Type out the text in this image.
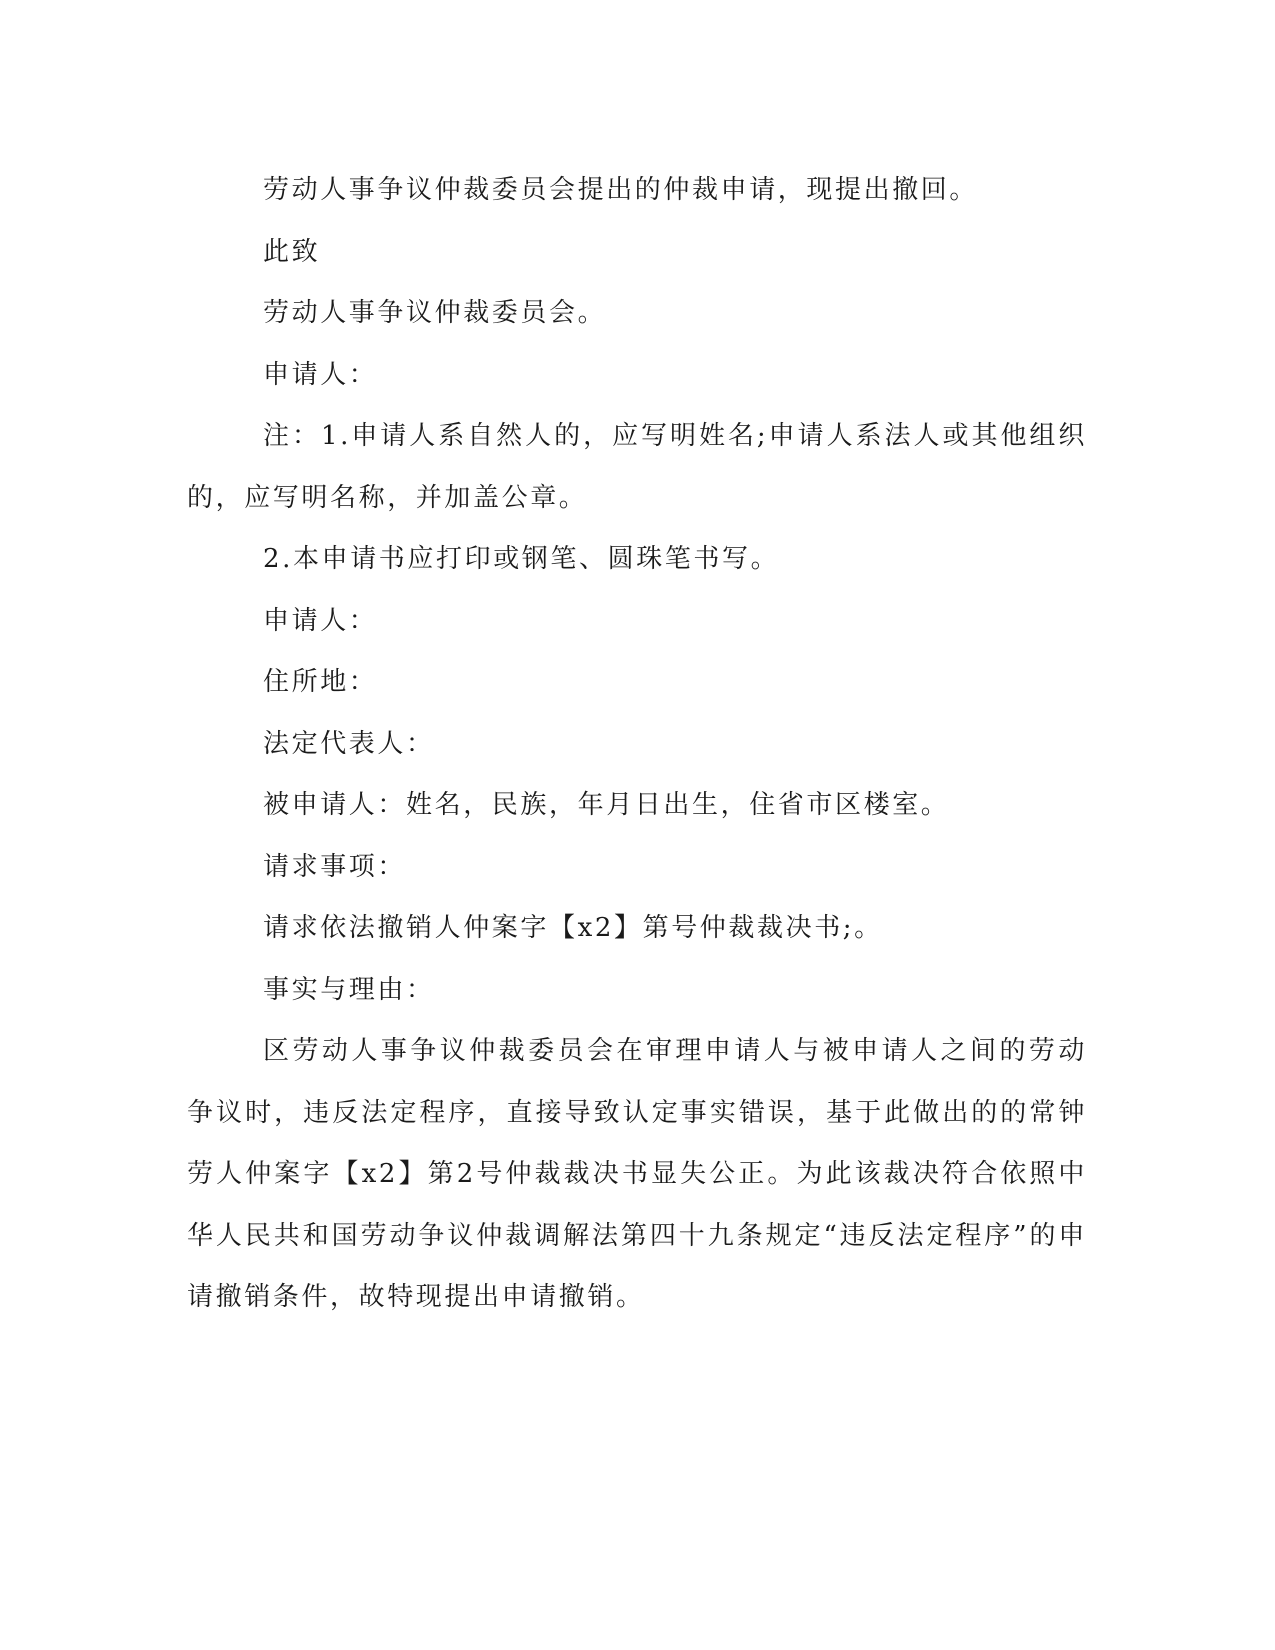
劳动人事争议仲裁委员会提出的仲裁申请，现提出撤回。

此致

劳动人事争议仲裁委员会。

申请人：

注：1.申请人系自然人的，应写明姓名;申请人系法人或其他组织的，应写明名称，并加盖公章。

2.本申请书应打印或钢笔、圆珠笔书写。

申请人：

住所地：

法定代表人：

被申请人：姓名，民族，年月日出生，住省市区楼室。

请求事项：

请求依法撤销人仲案字【x2】第号仲裁裁决书;。

事实与理由：

区劳动人事争议仲裁委员会在审理申请人与被申请人之间的劳动争议时，违反法定程序，直接导致认定事实错误，基于此做出的的常钟劳人仲案字【x2】第2号仲裁裁决书显失公正。为此该裁决符合依照中华人民共和国劳动争议仲裁调解法第四十九条规定“违反法定程序”的申请撤销条件，故特现提出申请撤销。
